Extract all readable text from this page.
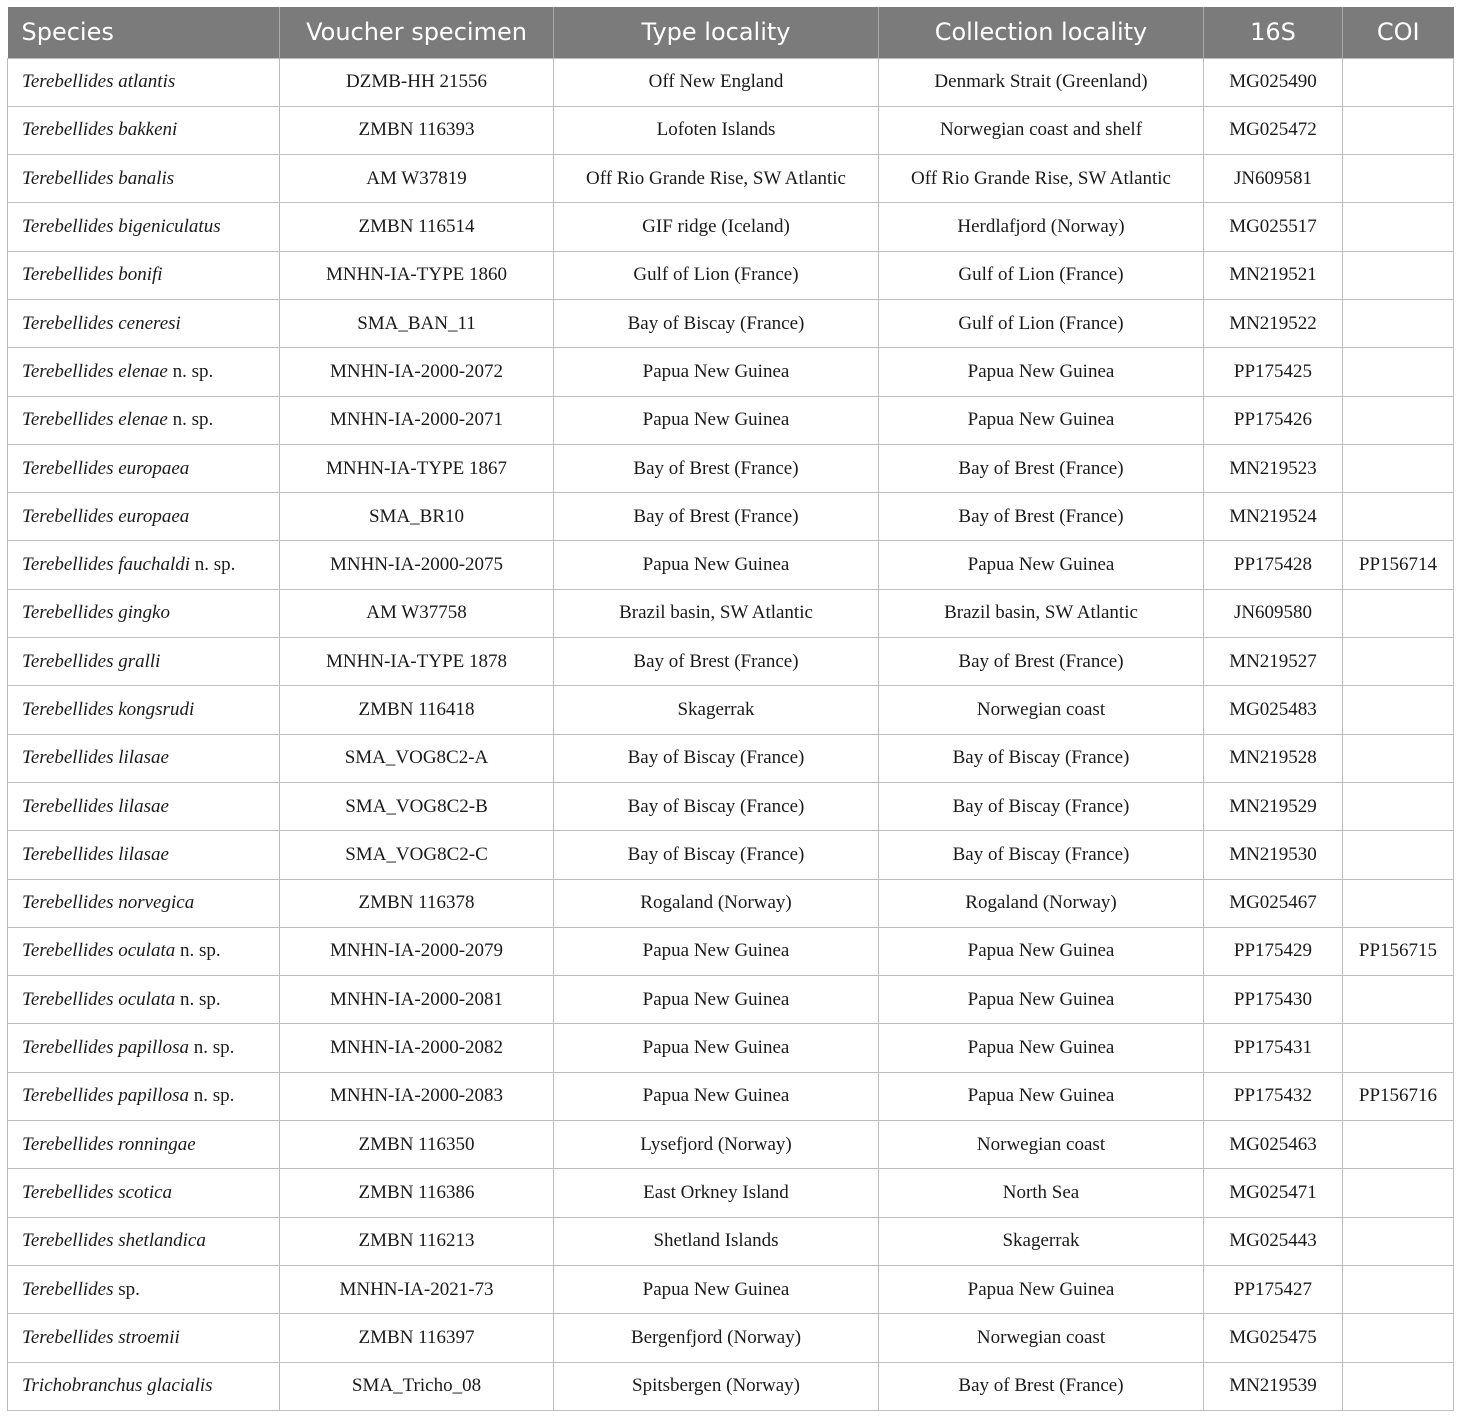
Species	Voucher specimen	Type locality	Collection locality	16S	COI
Terebellides atlantis	DZMB-HH 21556	Off New England	Denmark Strait (Greenland)	MG025490	
Terebellides bakkeni	ZMBN 116393	Lofoten Islands	Norwegian coast and shelf	MG025472	
Terebellides banalis	AM W37819	Off Rio Grande Rise, SW Atlantic	Off Rio Grande Rise, SW Atlantic	JN609581	
Terebellides bigeniculatus	ZMBN 116514	GIF ridge (Iceland)	Herdlafjord (Norway)	MG025517	
Terebellides bonifi	MNHN-IA-TYPE 1860	Gulf of Lion (France)	Gulf of Lion (France)	MN219521	
Terebellides ceneresi	SMA_BAN_11	Bay of Biscay (France)	Gulf of Lion (France)	MN219522	
Terebellides elenae n. sp.	MNHN-IA-2000-2072	Papua New Guinea	Papua New Guinea	PP175425	
Terebellides elenae n. sp.	MNHN-IA-2000-2071	Papua New Guinea	Papua New Guinea	PP175426	
Terebellides europaea	MNHN-IA-TYPE 1867	Bay of Brest (France)	Bay of Brest (France)	MN219523	
Terebellides europaea	SMA_BR10	Bay of Brest (France)	Bay of Brest (France)	MN219524	
Terebellides fauchaldi n. sp.	MNHN-IA-2000-2075	Papua New Guinea	Papua New Guinea	PP175428	PP156714
Terebellides gingko	AM W37758	Brazil basin, SW Atlantic	Brazil basin, SW Atlantic	JN609580	
Terebellides gralli	MNHN-IA-TYPE 1878	Bay of Brest (France)	Bay of Brest (France)	MN219527	
Terebellides kongsrudi	ZMBN 116418	Skagerrak	Norwegian coast	MG025483	
Terebellides lilasae	SMA_VOG8C2-A	Bay of Biscay (France)	Bay of Biscay (France)	MN219528	
Terebellides lilasae	SMA_VOG8C2-B	Bay of Biscay (France)	Bay of Biscay (France)	MN219529	
Terebellides lilasae	SMA_VOG8C2-C	Bay of Biscay (France)	Bay of Biscay (France)	MN219530	
Terebellides norvegica	ZMBN 116378	Rogaland (Norway)	Rogaland (Norway)	MG025467	
Terebellides oculata n. sp.	MNHN-IA-2000-2079	Papua New Guinea	Papua New Guinea	PP175429	PP156715
Terebellides oculata n. sp.	MNHN-IA-2000-2081	Papua New Guinea	Papua New Guinea	PP175430	
Terebellides papillosa n. sp.	MNHN-IA-2000-2082	Papua New Guinea	Papua New Guinea	PP175431	
Terebellides papillosa n. sp.	MNHN-IA-2000-2083	Papua New Guinea	Papua New Guinea	PP175432	PP156716
Terebellides ronningae	ZMBN 116350	Lysefjord (Norway)	Norwegian coast	MG025463	
Terebellides scotica	ZMBN 116386	East Orkney Island	North Sea	MG025471	
Terebellides shetlandica	ZMBN 116213	Shetland Islands	Skagerrak	MG025443	
Terebellides sp.	MNHN-IA-2021-73	Papua New Guinea	Papua New Guinea	PP175427	
Terebellides stroemii	ZMBN 116397	Bergenfjord (Norway)	Norwegian coast	MG025475	
Trichobranchus glacialis	SMA_Tricho_08	Spitsbergen (Norway)	Bay of Brest (France)	MN219539	
